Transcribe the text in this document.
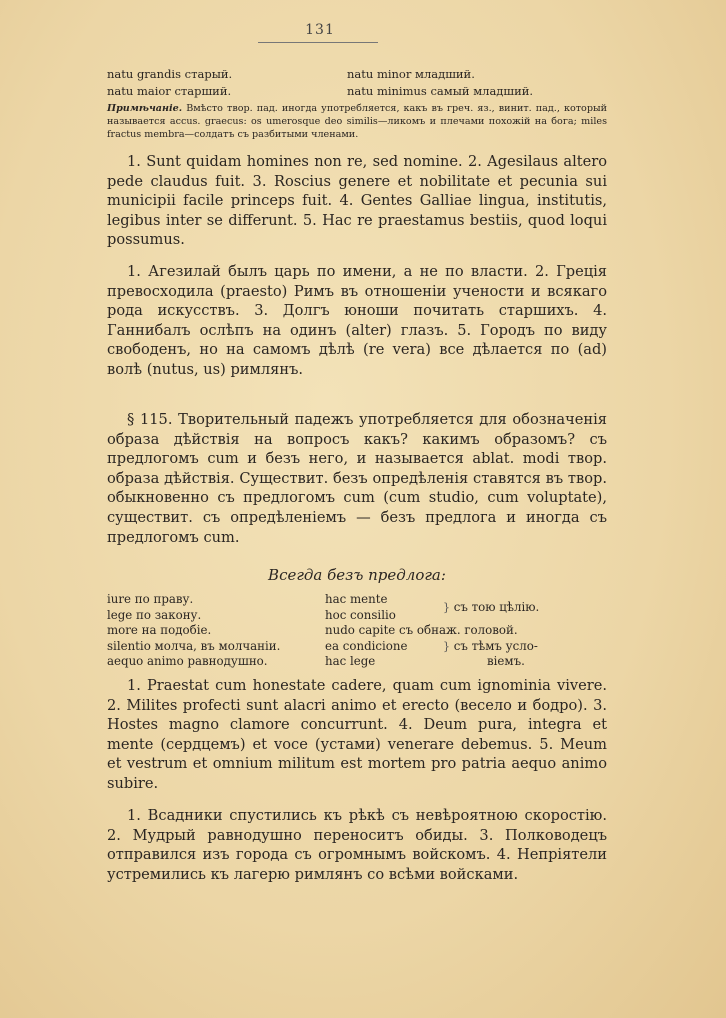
131
natu grandis старый.	natu minor младший.
natu maior старший.	natu minimus самый младший.
Примѣчаніе. Вмѣсто твор. пад. иногда употребляется, какъ въ греч. яз., винит. пад., который называется accus. graecus: os umerosque deo similis—ликомъ и плечами похожій на бога; miles fractus membra—солдатъ съ разбитыми членами.

1. Sunt quidam homines non re, sed nomine. 2. Agesilaus altero pede claudus fuit. 3. Roscius genere et nobilitate et pecunia sui municipii facile princeps fuit. 4. Gentes Galliae lingua, institutis, legibus inter se differunt. 5. Hac re praestamus bestiis, quod loqui possumus.

1. Агезилай былъ царь по имени, а не по власти. 2. Греція превосходила (praesto) Римъ въ отношеніи учености и всякаго рода искусствъ. 3. Долгъ юноши почитать старшихъ. 4. Ганнибалъ ослѣпъ на одинъ (alter) глазъ. 5. Городъ по виду свободенъ, но на самомъ дѣлѣ (re vera) все дѣлается по (ad) волѣ (nutus, us) римлянъ.

§ 115. Творительный падежъ употребляется для обозначенія образа дѣйствія на вопросъ какъ? какимъ образомъ? съ предлогомъ cum и безъ него, и называется ablat. modi твор. образа дѣйствія. Существит. безъ опредѣленія ставятся въ твор. обыкновенно съ предлогомъ cum (cum studio, cum voluptate), существит. съ опредѣленіемъ — безъ предлога и иногда съ предлогомъ cum.

Всегда безъ предлога:
iure по праву.	hac mente	} съ тою цѣлію.
lege по закону.	hoc consilio	
more на подобіе.	nudo capite съ обнаж. головой.	
silentio молча, въ молчаніи.	ea condicione	} съ тѣмъ усло-
віемъ.
aequo animo равнодушно.	hac lege	

1. Praestat cum honestate cadere, quam cum ignominia vivere. 2. Milites profecti sunt alacri animo et erecto (весело и бодро). 3. Hostes magno clamore concurrunt. 4. Deum pura, integra et mente (сердцемъ) et voce (устами) venerare debemus. 5. Meum et vestrum et omnium militum est mortem pro patria aequo animo subire.

1. Всадники спустились къ рѣкѣ съ невѣроятною скоростію. 2. Мудрый равнодушно переноситъ обиды. 3. Полководецъ отправился изъ города съ огромнымъ войскомъ. 4. Непріятели устремились къ лагерю римлянъ со всѣми войсками.
